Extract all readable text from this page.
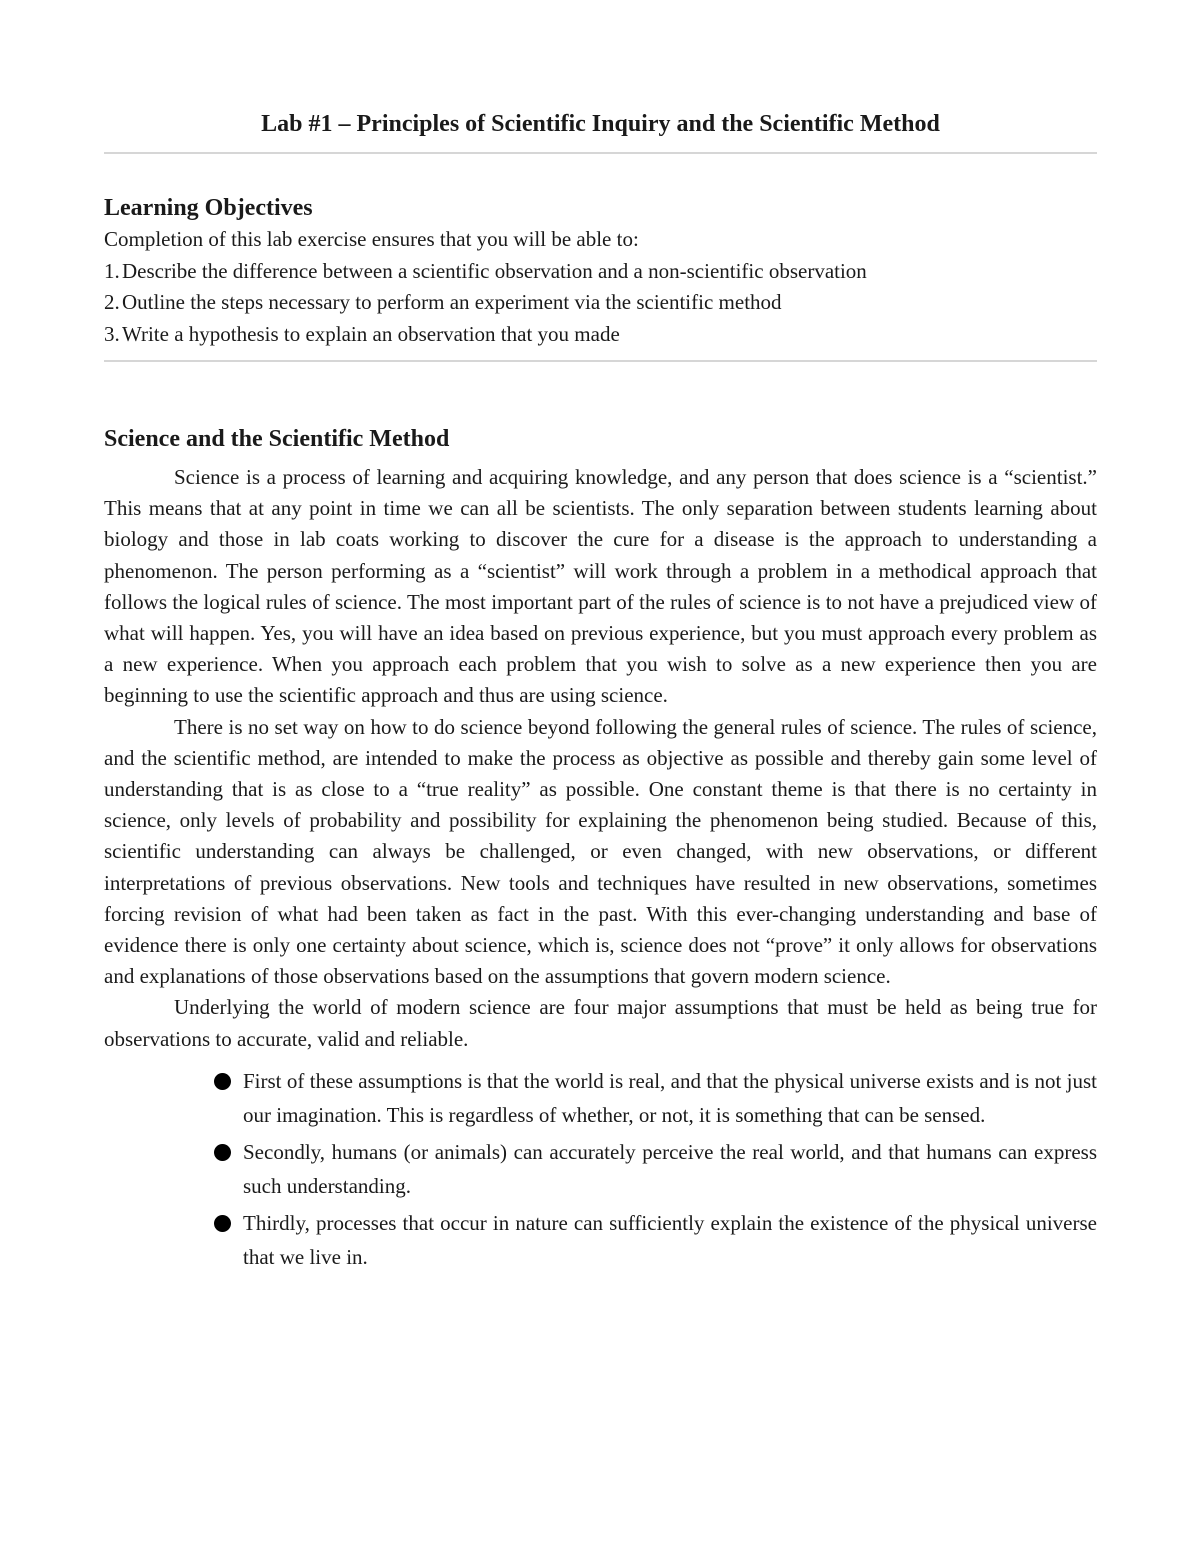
Lab #1 – Principles of Scientific Inquiry and the Scientific Method
Learning Objectives

Completion of this lab exercise ensures that you will be able to:

1. Describe the difference between a scientific observation and a non-scientific observation
2. Outline the steps necessary to perform an experiment via the scientific method
3. Write a hypothesis to explain an observation that you made
Science and the Scientific Method

Science is a process of learning and acquiring knowledge, and any person that does science is a “scientist.” This means that at any point in time we can all be scientists. The only separation between students learning about biology and those in lab coats working to discover the cure for a disease is the approach to understanding a phenomenon. The person performing as a “scientist” will work through a problem in a methodical approach that follows the logical rules of science. The most important part of the rules of science is to not have a prejudiced view of what will happen. Yes, you will have an idea based on previous experience, but you must approach every problem as a new experience. When you approach each problem that you wish to solve as a new experience then you are beginning to use the scientific approach and thus are using science.

There is no set way on how to do science beyond following the general rules of science. The rules of science, and the scientific method, are intended to make the process as objective as possible and thereby gain some level of understanding that is as close to a “true reality” as possible. One constant theme is that there is no certainty in science, only levels of probability and possibility for explaining the phenomenon being studied. Because of this, scientific understanding can always be challenged, or even changed, with new observations, or different interpretations of previous observations. New tools and techniques have resulted in new observations, sometimes forcing revision of what had been taken as fact in the past. With this ever-changing understanding and base of evidence there is only one certainty about science, which is, science does not “prove” it only allows for observations and explanations of those observations based on the assumptions that govern modern science.

Underlying the world of modern science are four major assumptions that must be held as being true for observations to accurate, valid and reliable.

First of these assumptions is that the world is real, and that the physical universe exists and is not just our imagination. This is regardless of whether, or not, it is something that can be sensed.
Secondly, humans (or animals) can accurately perceive the real world, and that humans can express such understanding.
Thirdly, processes that occur in nature can sufficiently explain the existence of the physical universe that we live in.
